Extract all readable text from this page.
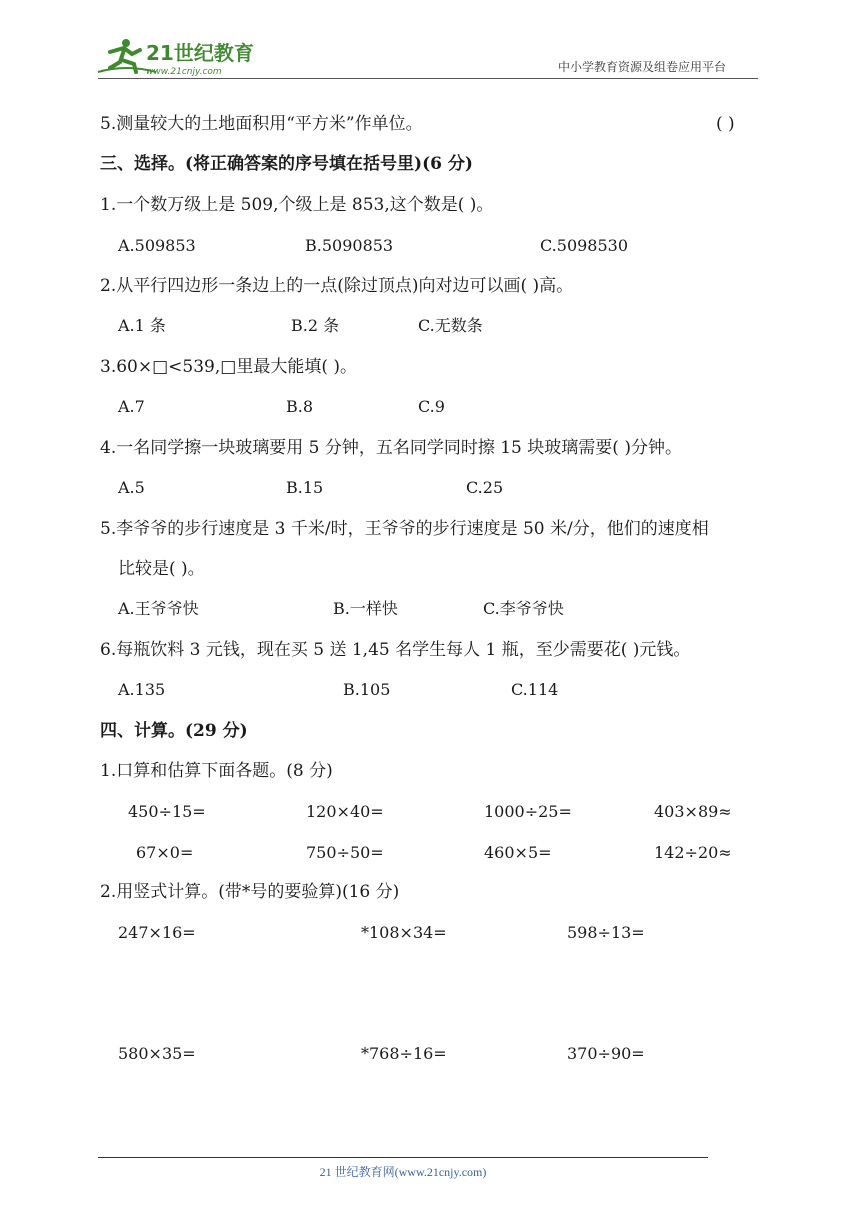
21世纪教育
www.21cnjy.com	中小学教育资源及组卷应用平台
5.测量较大的土地面积用“平方米”作单位。	( )
三、选择。(将正确答案的序号填在括号里)(6 分)
1.一个数万级上是 509,个级上是 853,这个数是( )。
A.509853	B.5090853	C.5098530
2.从平行四边形一条边上的一点(除过顶点)向对边可以画( )高。
A.1 条	B.2 条	C.无数条
3.60×□<539,□里最大能填( )。
A.7	B.8	C.9
4.一名同学擦一块玻璃要用 5 分钟，五名同学同时擦 15 块玻璃需要( )分钟。
A.5	B.15	C.25
5.李爷爷的步行速度是 3 千米/时，王爷爷的步行速度是 50 米/分，他们的速度相
比较是( )。
A.王爷爷快	B.一样快	C.李爷爷快
6.每瓶饮料 3 元钱，现在买 5 送 1,45 名学生每人 1 瓶，至少需要花( )元钱。
A.135	B.105	C.114
四、计算。(29 分)
1.口算和估算下面各题。(8 分)
450÷15=	120×40=	1000÷25=	403×89≈
67×0=	750÷50=	460×5=	142÷20≈
2.用竖式计算。(带*号的要验算)(16 分)
247×16=	*108×34=	598÷13=
580×35=	*768÷16=	370÷90=
21 世纪教育网(www.21cnjy.com)
